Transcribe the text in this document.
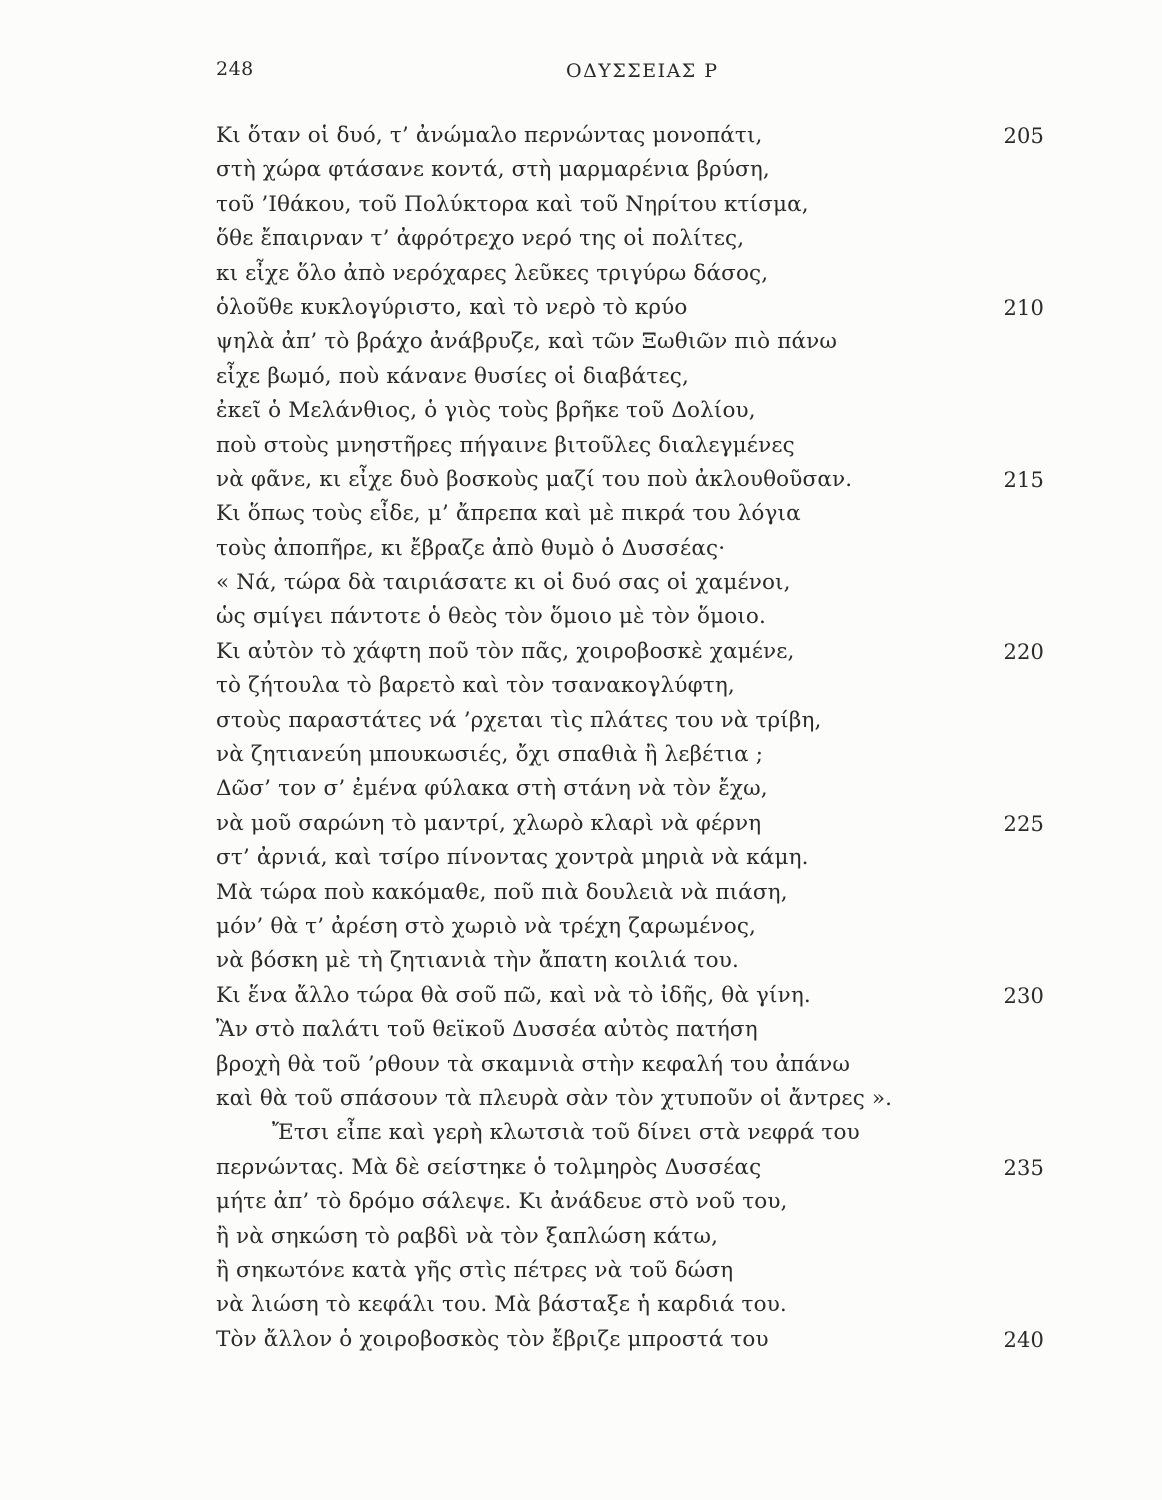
248	ΟΔΥΣΣΕΙΑΣ Ρ
Κι ὅταν οἱ δυό, τ’ ἀνώμαλο περνώντας μονοπάτι,	205
στὴ χώρα φτάσανε κοντά, στὴ μαρμαρένια βρύση,
τοῦ ’Ιθάκου, τοῦ Πολύκτορα καὶ τοῦ Νηρίτου κτίσμα,
ὅθε ἔπαιρναν τ’ ἀφρότρεχο νερό της οἱ πολίτες,
κι εἶχε ὅλο ἀπὸ νερόχαρες λεῦκες τριγύρω δάσος,
ὁλοῦθε κυκλογύριστο, καὶ τὸ νερὸ τὸ κρύο	210
ψηλὰ ἀπ’ τὸ βράχο ἀνάβρυζε, καὶ τῶν Ξωθιῶν πιὸ πάνω
εἶχε βωμό, ποὺ κάνανε θυσίες οἱ διαβάτες,
ἐκεῖ ὁ Μελάνθιος, ὁ γιὸς τοὺς βρῆκε τοῦ Δολίου,
ποὺ στοὺς μνηστῆρες πήγαινε βιτοῦλες διαλεγμένες
νὰ φᾶνε, κι εἶχε δυὸ βοσκοὺς μαζί του ποὺ ἀκλουθοῦσαν.	215
Κι ὅπως τοὺς εἶδε, μ’ ἄπρεπα καὶ μὲ πικρά του λόγια
τοὺς ἀποπῆρε, κι ἔβραζε ἀπὸ θυμὸ ὁ Δυσσέας·
« Νά, τώρα δὰ ταιριάσατε κι οἱ δυό σας οἱ χαμένοι,
ὡς σμίγει πάντοτε ὁ θεὸς τὸν ὅμοιο μὲ τὸν ὅμοιο.
Κι αὐτὸν τὸ χάφτη ποῦ τὸν πᾶς, χοιροβοσκὲ χαμένε,	220
τὸ ζήτουλα τὸ βαρετὸ καὶ τὸν τσανακογλύφτη,
στοὺς παραστάτες νά ’ρχεται τὶς πλάτες του νὰ τρίβη,
νὰ ζητιανεύη μπουκωσιές, ὄχι σπαθιὰ ἢ λεβέτια ;
Δῶσ’ τον σ’ ἐμένα φύλακα στὴ στάνη νὰ τὸν ἔχω,
νὰ μοῦ σαρώνη τὸ μαντρί, χλωρὸ κλαρὶ νὰ φέρνη	225
στ’ ἀρνιά, καὶ τσίρο πίνοντας χοντρὰ μηριὰ νὰ κάμη.
Μὰ τώρα ποὺ κακόμαθε, ποῦ πιὰ δουλειὰ νὰ πιάση,
μόν’ θὰ τ’ ἀρέση στὸ χωριὸ νὰ τρέχη ζαρωμένος,
νὰ βόσκη μὲ τὴ ζητιανιὰ τὴν ἄπατη κοιλιά του.
Κι ἕνα ἄλλο τώρα θὰ σοῦ πῶ, καὶ νὰ τὸ ἰδῆς, θὰ γίνη.	230
Ἂν στὸ παλάτι τοῦ θεϊκοῦ Δυσσέα αὐτὸς πατήση
βροχὴ θὰ τοῦ ’ρθουν τὰ σκαμνιὰ στὴν κεφαλή του ἀπάνω
καὶ θὰ τοῦ σπάσουν τὰ πλευρὰ σὰν τὸν χτυποῦν οἱ ἄντρες ».
Ἔτσι εἶπε καὶ γερὴ κλωτσιὰ τοῦ δίνει στὰ νεφρά του
περνώντας. Μὰ δὲ σείστηκε ὁ τολμηρὸς Δυσσέας	235
μήτε ἀπ’ τὸ δρόμο σάλεψε. Κι ἀνάδευε στὸ νοῦ του,
ἢ νὰ σηκώση τὸ ραβδὶ νὰ τὸν ξαπλώση κάτω,
ἢ σηκωτόνε κατὰ γῆς στὶς πέτρες νὰ τοῦ δώση
νὰ λιώση τὸ κεφάλι του. Μὰ βάσταξε ἡ καρδιά του.
Τὸν ἄλλον ὁ χοιροβοσκὸς τὸν ἔβριζε μπροστά του	240
